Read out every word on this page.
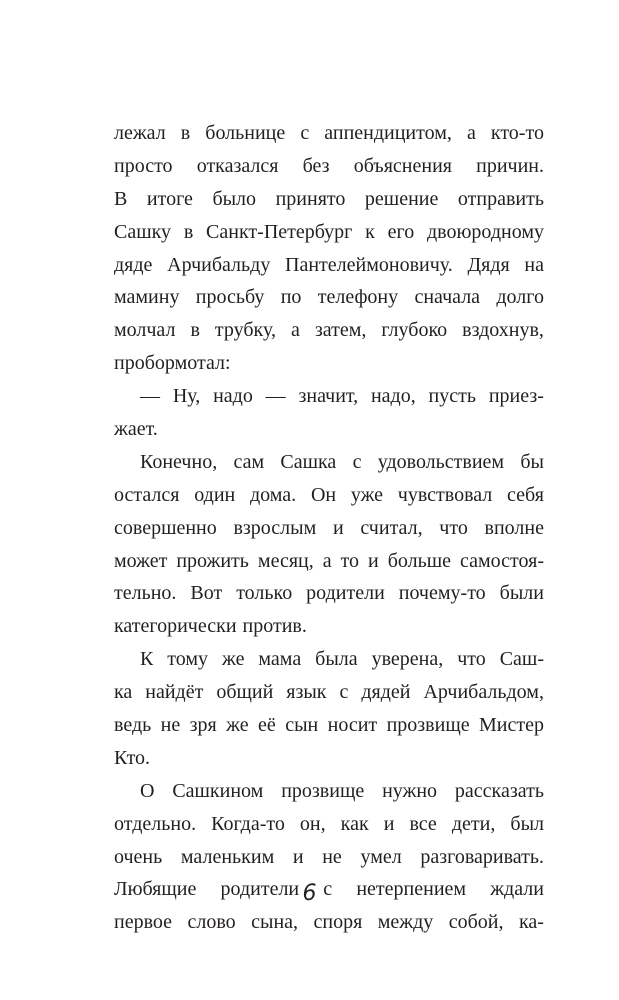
лежал в больнице с аппендицитом, а кто-то
просто отказался без объяснения причин.
В итоге было принято решение отправить
Сашку в Санкт-Петербург к его двоюродному
дяде Арчибальду Пантелеймоновичу. Дядя на
мамину просьбу по телефону сначала долго
молчал в трубку, а затем, глубоко вздохнув,
пробормотал:
— Ну, надо — значит, надо, пусть приез-
жает.
Конечно, сам Сашка с удовольствием бы
остался один дома. Он уже чувствовал себя
совершенно взрослым и считал, что вполне
может прожить месяц, а то и больше самостоя-
тельно. Вот только родители почему-то были
категорически против.
К тому же мама была уверена, что Саш-
ка найдёт общий язык с дядей Арчибальдом,
ведь не зря же её сын носит прозвище Мистер
Кто.
О Сашкином прозвище нужно рассказать
отдельно. Когда-то он, как и все дети, был
очень маленьким и не умел разговаривать.
Любящие родители с нетерпением ждали
первое слово сына, споря между собой, ка-
6
